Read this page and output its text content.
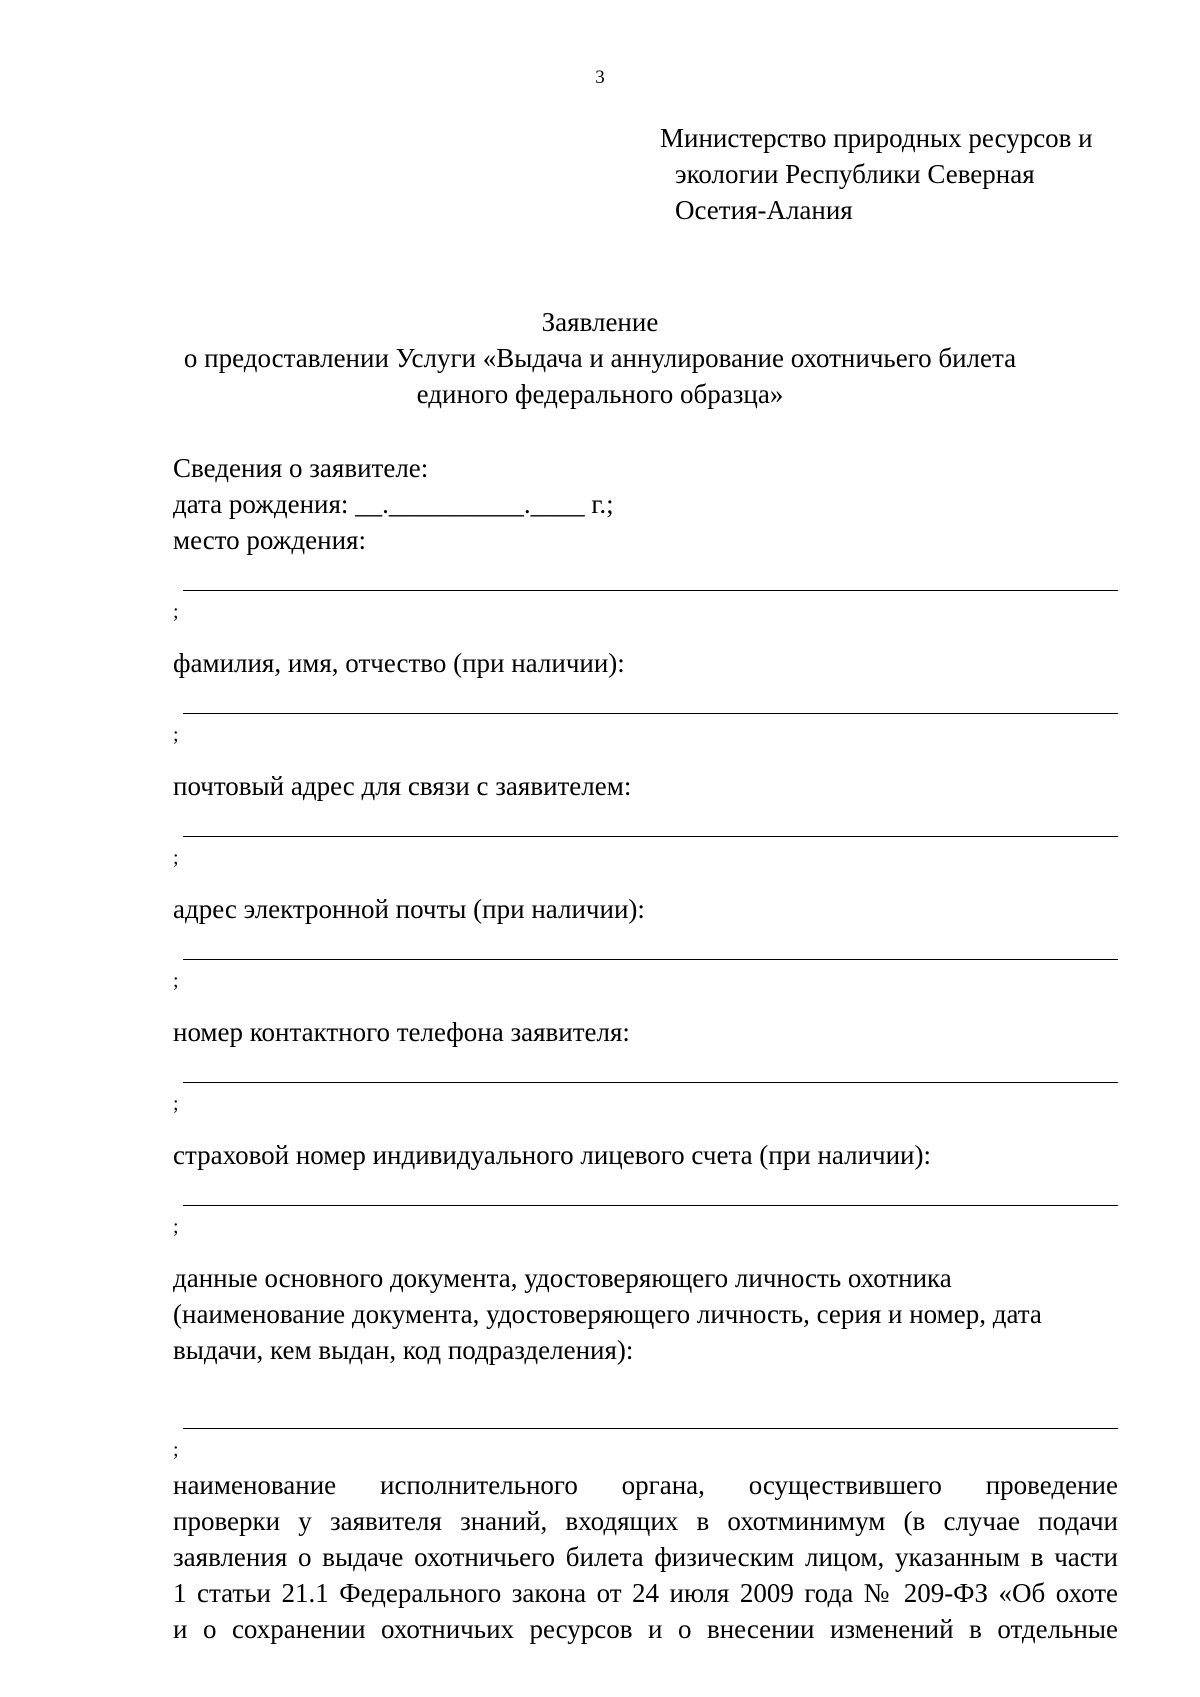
3
Министерство природных ресурсов и
экологии Республики Северная
Осетия-Алания
Заявление
о предоставлении Услуги «Выдача и аннулирование охотничьего билета
единого федерального образца»
Сведения о заявителе:
дата рождения: __.__________.____ г.;
место рождения:
;
фамилия, имя, отчество (при наличии):
;
почтовый адрес для связи с заявителем:
;
адрес электронной почты (при наличии):
;
номер контактного телефона заявителя:
;
страховой номер индивидуального лицевого счета (при наличии):
;
данные основного документа, удостоверяющего личность охотника
(наименование документа, удостоверяющего личность, серия и номер, дата
выдачи, кем выдан, код подразделения):
;
наименование исполнительного органа, осуществившего проведение
проверки у заявителя знаний, входящих в охотминимум (в случае подачи
заявления о выдаче охотничьего билета физическим лицом, указанным в части
1 статьи 21.1 Федерального закона от 24 июля 2009 года № 209-ФЗ «Об охоте
и о сохранении охотничьих ресурсов и о внесении изменений в отдельные
